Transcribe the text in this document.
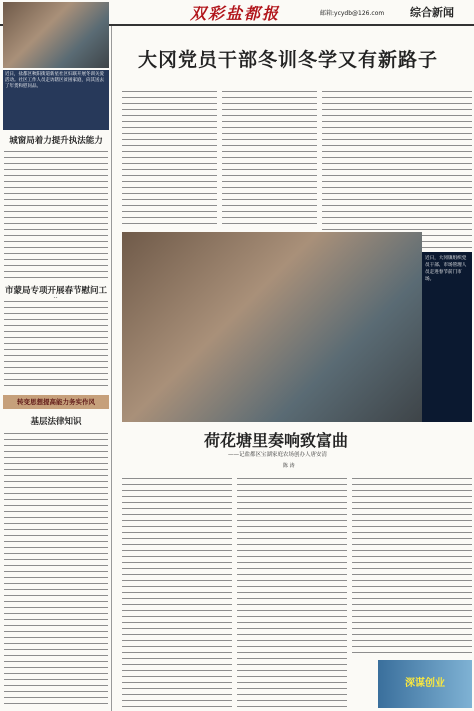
双彩盐都报	邮箱:ycydb@126.com 综合新闻
近日，盐都区秋阳街道新星社区妇联开展冬训关爱活动。社区工作人员走访辖区贫困家庭，向其送去了年货和慰问品。
城窗局着力提升执法能力
市蒙局专项开展春节慰问工
转变思想提高能力务实作风
基层法律知识
大冈党员干部冬训冬学又有新路子
近日，大冈镇组织党员干部、市场管理人员走进春节前门市场。
荷花塘里奏响致富曲
——记盐都区宝湖家庭农场创办人唐安清
陈 涛
深谋创业
